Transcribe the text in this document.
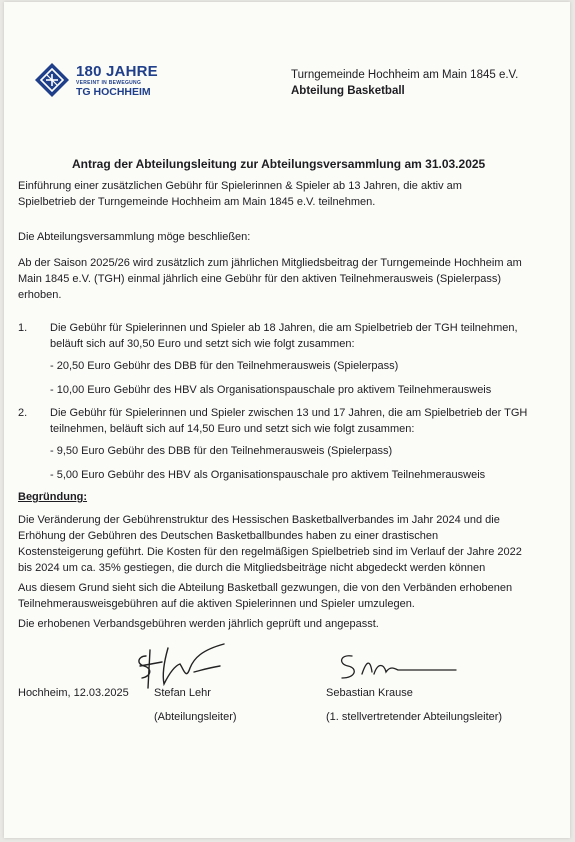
180 JAHRE
VEREINT IN BEWEGUNG
TG HOCHHEIM
Turngemeinde Hochheim am Main 1845 e.V.
Abteilung Basketball
Antrag der Abteilungsleitung zur Abteilungsversammlung am 31.03.2025

Einführung einer zusätzlichen Gebühr für Spielerinnen & Spieler ab 13 Jahren, die aktiv am Spielbetrieb der Turngemeinde Hochheim am Main 1845 e.V. teilnehmen.

Die Abteilungsversammlung möge beschließen:

Ab der Saison 2025/26 wird zusätzlich zum jährlichen Mitgliedsbeitrag der Turngemeinde Hochheim am Main 1845 e.V. (TGH) einmal jährlich eine Gebühr für den aktiven Teilnehmerausweis (Spielerpass) erhoben.

1. Die Gebühr für Spielerinnen und Spieler ab 18 Jahren, die am Spielbetrieb der TGH teilnehmen, beläuft sich auf 30,50 Euro und setzt sich wie folgt zusammen:

- 20,50 Euro Gebühr des DBB für den Teilnehmerausweis (Spielerpass)

- 10,00 Euro Gebühr des HBV als Organisationspauschale pro aktivem Teilnehmerausweis

2. Die Gebühr für Spielerinnen und Spieler zwischen 13 und 17 Jahren, die am Spielbetrieb der TGH teilnehmen, beläuft sich auf 14,50 Euro und setzt sich wie folgt zusammen:

- 9,50 Euro Gebühr des DBB für den Teilnehmerausweis (Spielerpass)

- 5,00 Euro Gebühr des HBV als Organisationspauschale pro aktivem Teilnehmerausweis

Begründung:

Die Veränderung der Gebührenstruktur des Hessischen Basketballverbandes im Jahr 2024 und die Erhöhung der Gebühren des Deutschen Basketballbundes haben zu einer drastischen Kostensteigerung geführt. Die Kosten für den regelmäßigen Spielbetrieb sind im Verlauf der Jahre 2022 bis 2024 um ca. 35% gestiegen, die durch die Mitgliedsbeiträge nicht abgedeckt werden können

Aus diesem Grund sieht sich die Abteilung Basketball gezwungen, die von den Verbänden erhobenen Teilnehmerausweisgebühren auf die aktiven Spielerinnen und Spieler umzulegen.

Die erhobenen Verbandsgebühren werden jährlich geprüft und angepasst.

Hochheim, 12.03.2025 Stefan Lehr
(Abteilungsleiter)
Sebastian Krause
(1. stellvertretender Abteilungsleiter)
